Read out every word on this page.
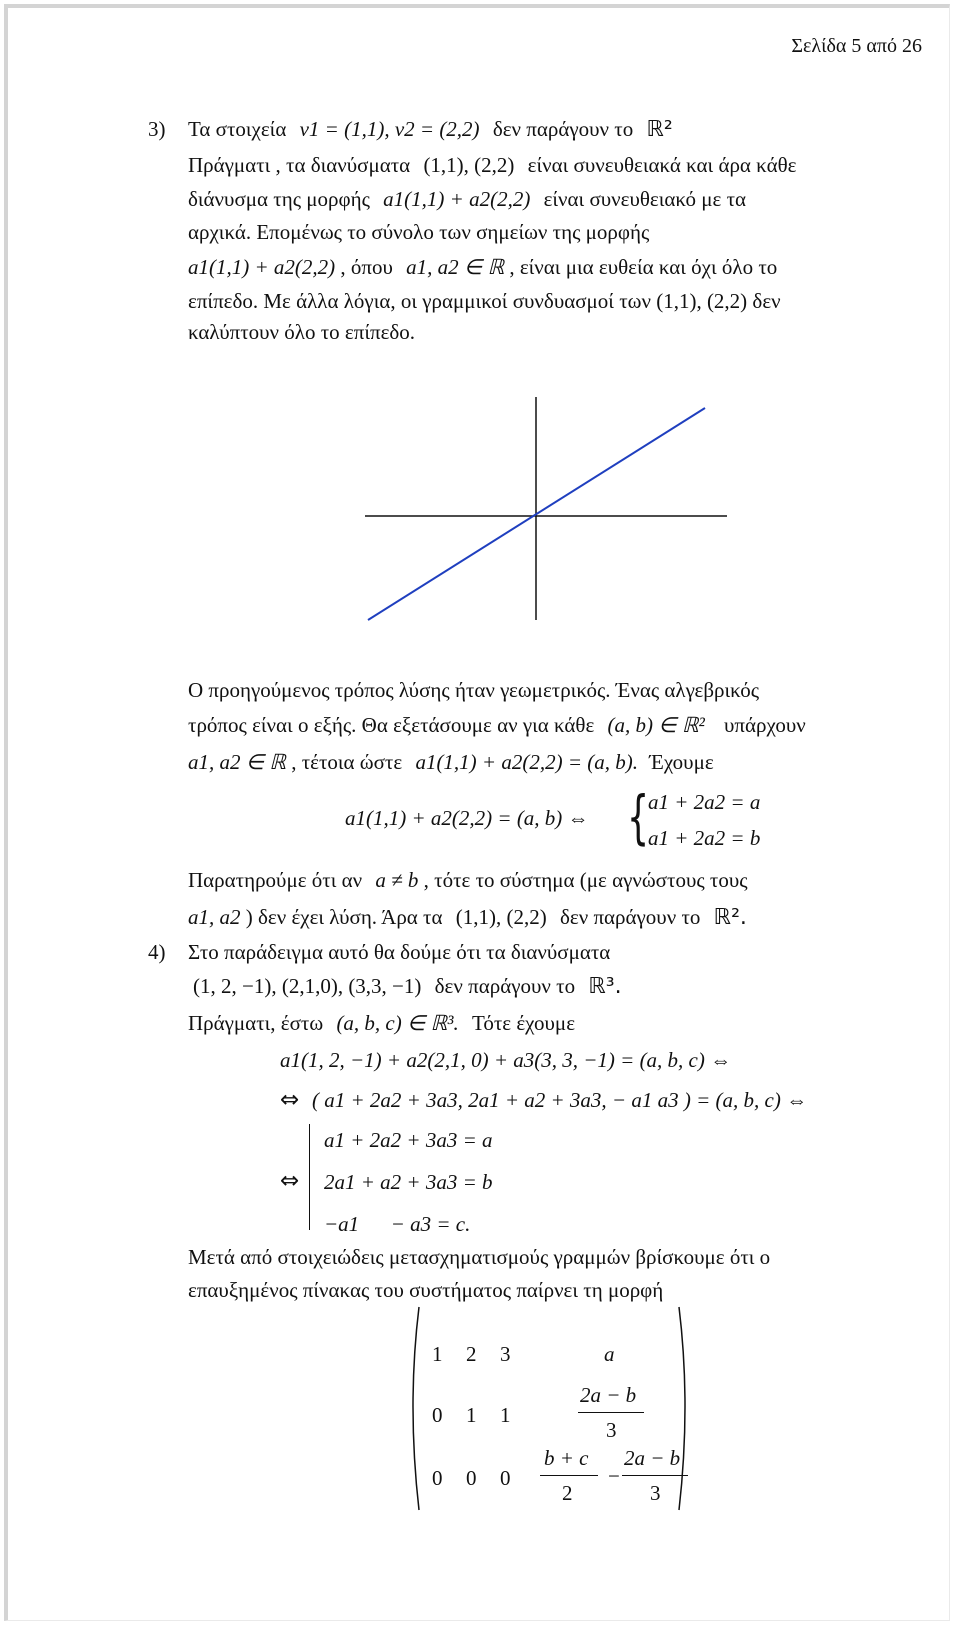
Σελίδα 5 από 26
3) Τα στοιχεία v1 = (1,1), v2 = (2,2) δεν παράγουν το ℝ²
Πράγματι , τα διανύσματα (1,1), (2,2) είναι συνευθειακά και άρα κάθε
διάνυσμα της μορφής a1(1,1) + a2(2,2) είναι συνευθειακό με τα
αρχικά. Επομένως το σύνολο των σημείων της μορφής
a1(1,1) + a2(2,2) , όπου a1, a2 ∈ ℝ , είναι μια ευθεία και όχι όλο το
επίπεδο. Με άλλα λόγια, οι γραμμικοί συνδυασμοί των (1,1), (2,2) δεν
καλύπτουν όλο το επίπεδο.
Ο προηγούμενος τρόπος λύσης ήταν γεωμετρικός. Ένας αλγεβρικός
τρόπος είναι ο εξής. Θα εξετάσουμε αν για κάθε (a, b) ∈ ℝ² υπάρχουν
a1, a2 ∈ ℝ , τέτοια ώστε a1(1,1) + a2(2,2) = (a, b). Έχουμε
a1(1,1) + a2(2,2) = (a, b) ⇔ {
a1 + 2a2 = a
a1 + 2a2 = b
Παρατηρούμε ότι αν a ≠ b , τότε το σύστημα (με αγνώστους τους
a1, a2 ) δεν έχει λύση. Άρα τα (1,1), (2,2) δεν παράγουν το ℝ².
4) Στο παράδειγμα αυτό θα δούμε ότι τα διανύσματα
(1, 2, −1), (2,1,0), (3,3, −1) δεν παράγουν το ℝ³.
Πράγματι, έστω (a, b, c) ∈ ℝ³. Τότε έχουμε
a1(1, 2, −1) + a2(2,1, 0) + a3(3, 3, −1) = (a, b, c) ⇔
⇔ ( a1 + 2a2 + 3a3, 2a1 + a2 + 3a3, − a1 a3 ) = (a, b, c) ⇔
⇔
a1 + 2a2 + 3a3 = a
2a1 + a2 + 3a3 = b
−a1      − a3 = c.
Μετά από στοιχειώδεις μετασχηματισμούς γραμμών βρίσκουμε ότι ο
επαυξημένος πίνακας του συστήματος παίρνει τη μορφή
1 2 3	a
0 1 1
2a − b
3
0 0 0
b + c
2
−
2a − b
3
